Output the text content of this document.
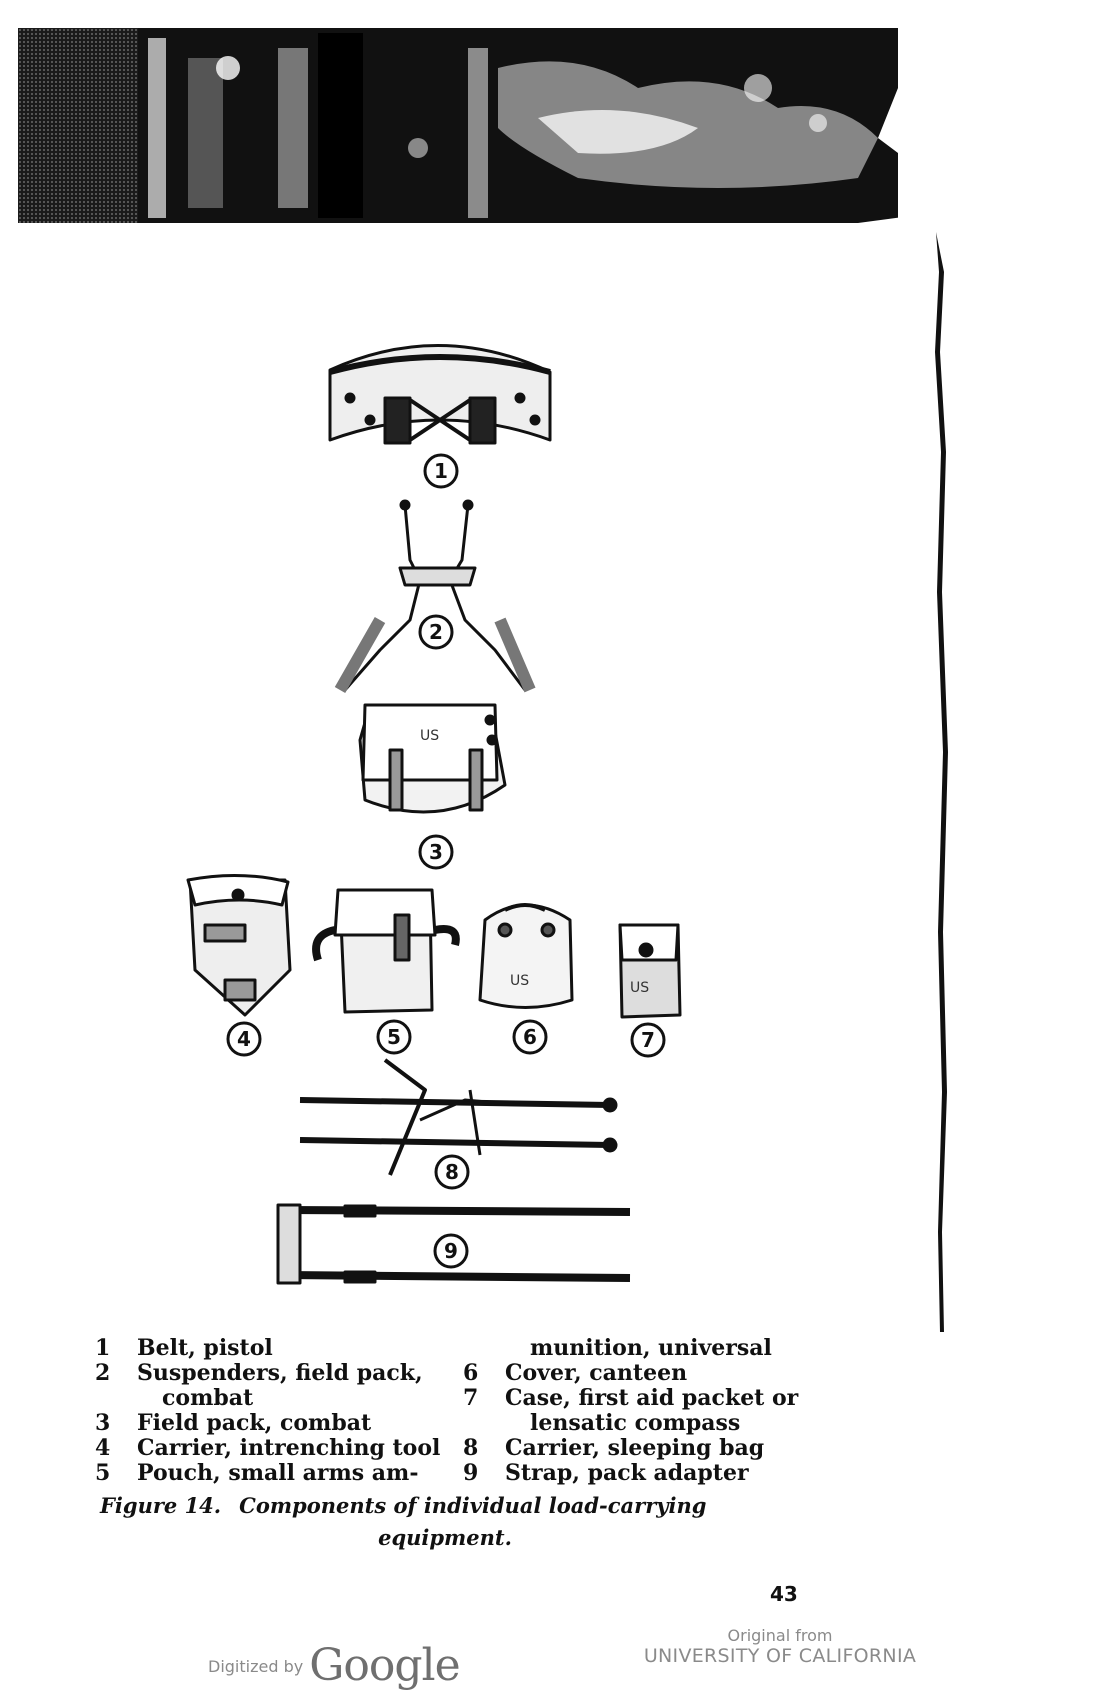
US
US	US
1
2
3
4	5	6	7
8
9
1 Belt, pistol
2 Suspenders, field pack,
combat
3 Field pack, combat
4 Carrier, intrenching tool
5 Pouch, small arms am-
munition, universal
6 Cover, canteen
7 Case, first aid packet or
lensatic compass
8 Carrier, sleeping bag
9 Strap, pack adapter
Figure 14. Components of individual load-carrying
equipment.
43
Digitized by Google
Original from
UNIVERSITY OF CALIFORNIA
